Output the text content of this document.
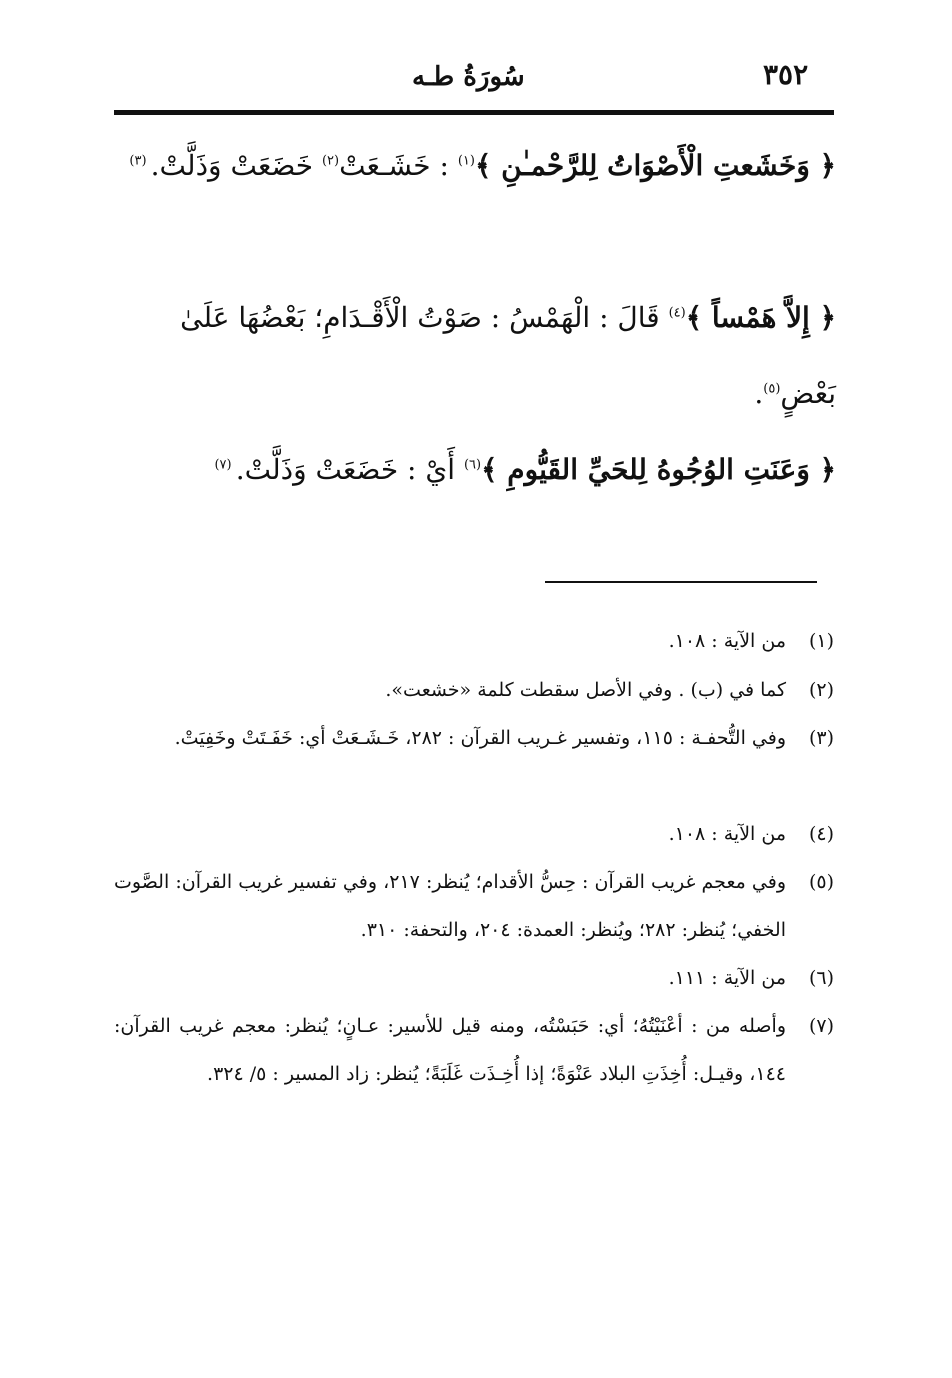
٣٥٢
سُورَةُ طـه
﴿ وَخَشَعتِ الْأَصْوَاتُ لِلرَّحْمـٰنِ ﴾$^{(١)}$ : خَشَـعَتْ$^{(٢)}$ خَضَعَتْ وَذَلَّتْ. $^{(٣)}$
﴿ إِلاَّ هَمْساً ﴾$^{(٤)}$ قَالَ : الْهَمْسُ : صَوْتُ الْأَقْـدَامِ؛ بَعْضُهَا عَلَىٰ بَعْضٍ$^{(٥)}$.
﴿ وَعَنَتِ الوُجُوهُ لِلحَيِّ القَيُّومِ ﴾$^{(٦)}$ أَيْ : خَضَعَتْ وَذَلَّتْ. $^{(٧)}$
(١)
من الآية : ١٠٨.
(٢)
كما في (ب) . وفي الأصل سقطت كلمة «خشعت».
(٣)
وفي التُّحفـة : ١١٥، وتفسير غـريب القرآن : ٢٨٢، خَـشَـعَتْ أي: خَفَـتَتْ وخَفِيَتْ.
(٤)
من الآية : ١٠٨.
(٥)
وفي معجم غريب القرآن : حِسُّ الأقدام؛ يُنظر: ٢١٧، وفي تفسير غريب القرآن: الصَّوت الخفي؛ يُنظر: ٢٨٢؛ ويُنظر: العمدة: ٢٠٤، والتحفة: ٣١٠.
(٦)
من الآية : ١١١.
(٧)
وأصله من : أعْنَيْتُهُ؛ أي: حَبَسْتُه، ومنه قيل للأسير: عـانٍ؛ يُنظر: معجم غريب القرآن: ١٤٤، وقيـل: أُخِذَتِ البلاد عَنْوَةً؛ إذا أُخِـذَت غَلَبَةً؛ يُنظر: زاد المسير : ٥/ ٣٢٤.
